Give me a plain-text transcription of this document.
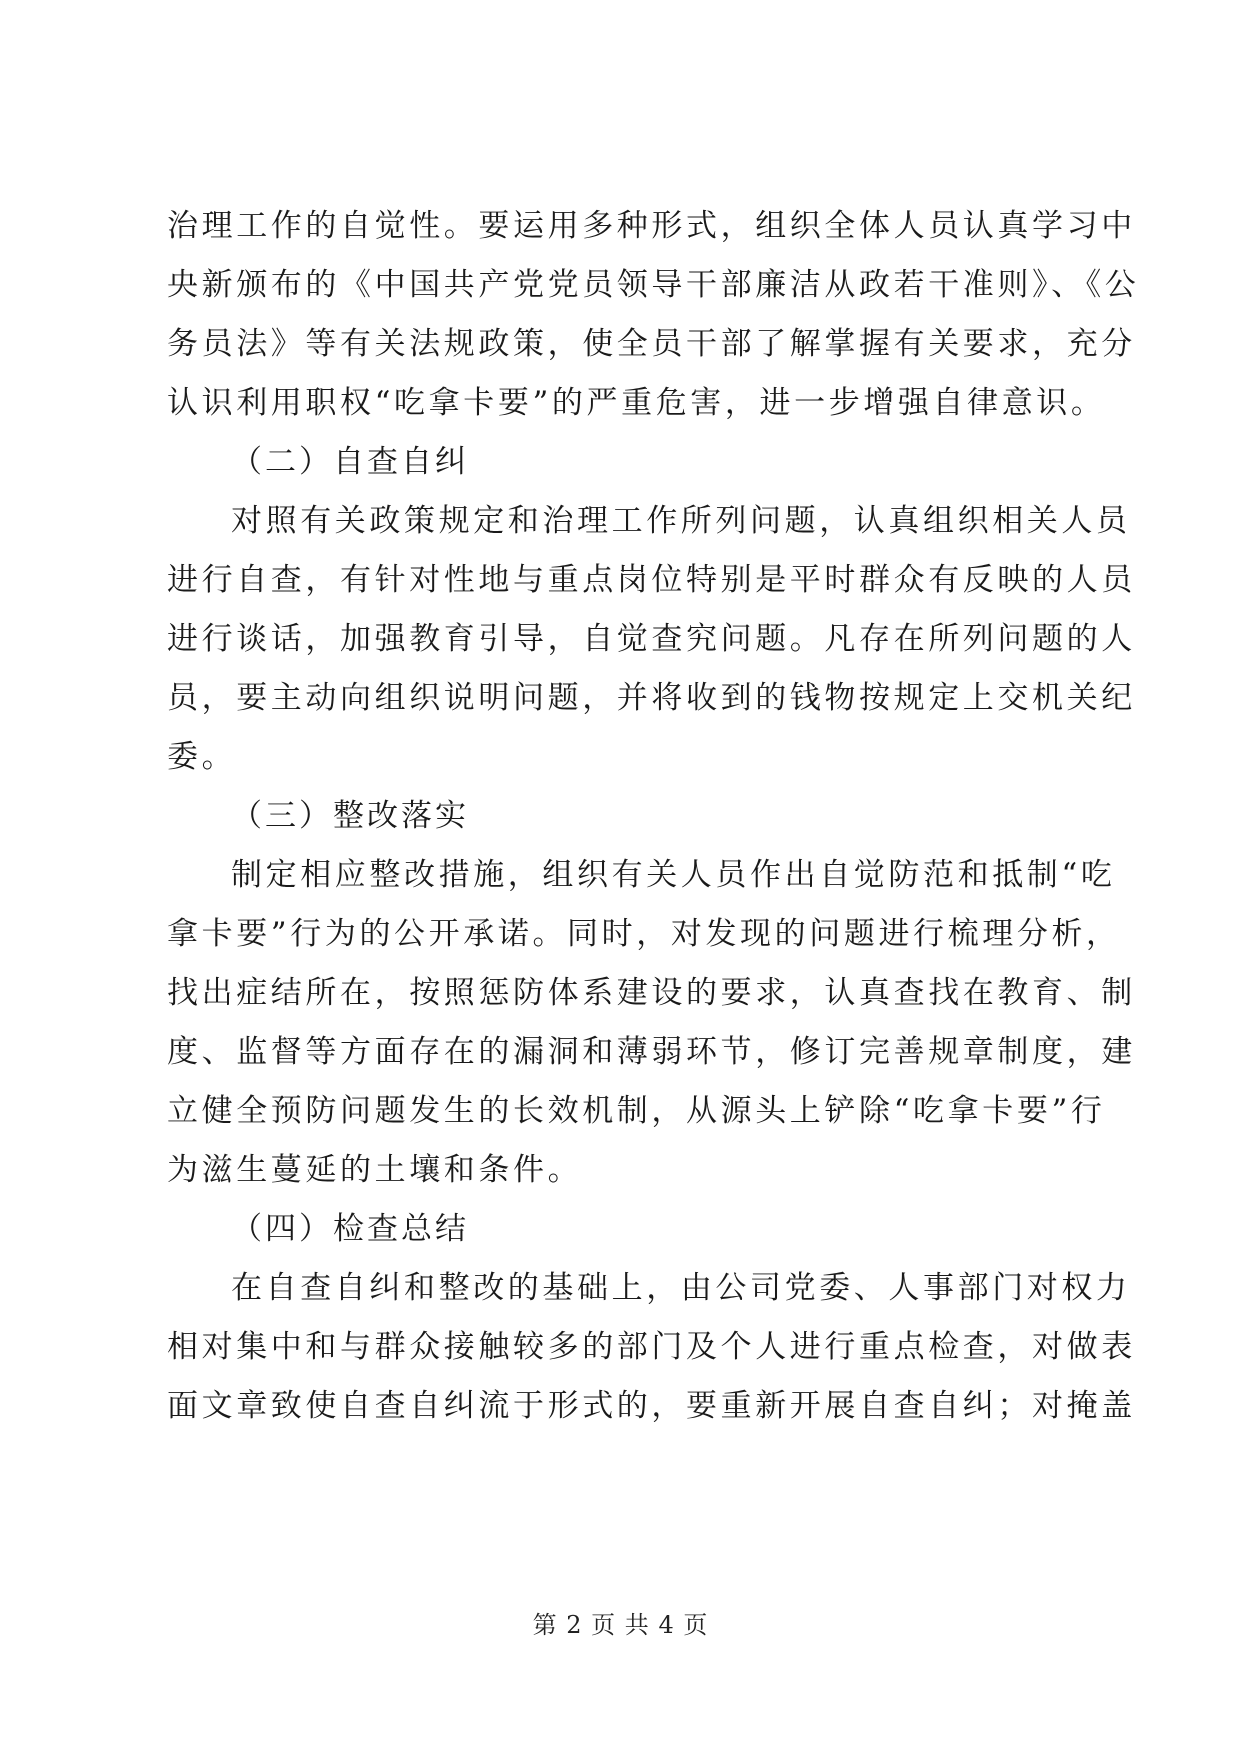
治理工作的自觉性。要运用多种形式，组织全体人员认真学习中
央新颁布的《中国共产党党员领导干部廉洁从政若干准则》、《公
务员法》等有关法规政策，使全员干部了解掌握有关要求，充分
认识利用职权“吃拿卡要”的严重危害，进一步增强自律意识。
（二）自查自纠
对照有关政策规定和治理工作所列问题，认真组织相关人员
进行自查，有针对性地与重点岗位特别是平时群众有反映的人员
进行谈话，加强教育引导，自觉查究问题。凡存在所列问题的人
员，要主动向组织说明问题，并将收到的钱物按规定上交机关纪
委。
（三）整改落实
制定相应整改措施，组织有关人员作出自觉防范和抵制“吃
拿卡要”行为的公开承诺。同时，对发现的问题进行梳理分析，
找出症结所在，按照惩防体系建设的要求，认真查找在教育、制
度、监督等方面存在的漏洞和薄弱环节，修订完善规章制度，建
立健全预防问题发生的长效机制，从源头上铲除“吃拿卡要”行
为滋生蔓延的土壤和条件。
（四）检查总结
在自查自纠和整改的基础上，由公司党委、人事部门对权力
相对集中和与群众接触较多的部门及个人进行重点检查，对做表
面文章致使自查自纠流于形式的，要重新开展自查自纠；对掩盖
第 2 页 共 4 页
